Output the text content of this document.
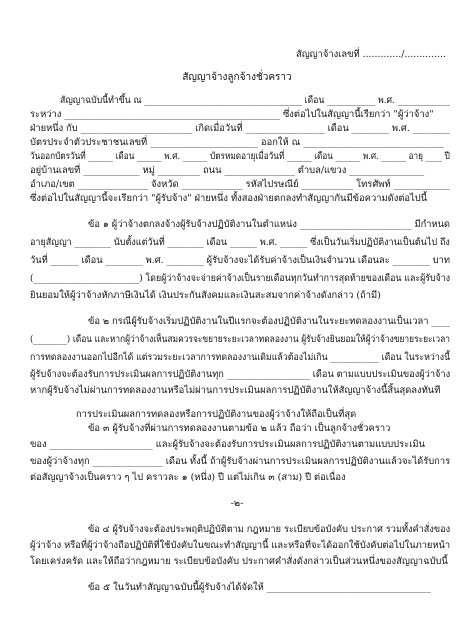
สัญญาจ้างเลขที่ ............./..............
สัญญาจ้างลูกจ้างชั่วคราว
สัญญาฉบับนี้ทำขึ้น ณ ____________________________________ เดือน ___________ พ.ศ. ____________
ระหว่าง ______________________________________________ ซึ่งต่อไปในสัญญานี้เรียกว่า "ผู้ว่าจ้าง"
ฝ่ายหนึ่ง กับ ________________________ เกิดเมื่อวันที่ _________________ เดือน ________ พ.ศ. ________
บัตรประจำตัวประชาชนเลขที่ _______________________ ออกให้ ณ ______________________________
วันออกบัตรวันที่ ______ เดือน ______ พ.ศ. ______ บัตรหมดอายุเมื่อวันที่ ______ เดือน ______ พ.ศ. ______ อายุ ____ ปี
อยู่บ้านเลขที่ ____________ หมู่ _________ ถนน _______________ ตำบล/แขวง ________________
อำเภอ/เขต _______________ จังหวัด _____________ รหัสไปรษณีย์ ___________ โทรศัพท์ ____________
ซึ่งต่อไปในสัญญานี้จะเรียกว่า "ผู้รับจ้าง" ฝ่ายหนึ่ง ทั้งสองฝ่ายตกลงทำสัญญากันมีข้อความดังต่อไปนี้
ข้อ ๑ ผู้ว่าจ้างตกลงจ้างผู้รับจ้างปฏิบัติงานในตำแหน่ง ________________________ มีกำหนด
อายุสัญญา ________ นับตั้งแต่วันที่ ________ เดือน ______ พ.ศ. ______ ซึ่งเป็นวันเริ่มปฏิบัติงานเป็นต้นไป ถึง
วันที่ ______ เดือน ________ พ.ศ. ________ ผู้รับจ้างจะได้รับค่าจ้างเป็นเงินจำนวน เดือนละ ________ บาท
(________________________) โดยผู้ว่าจ้างจะจ่ายค่าจ้างเป็นรายเดือนทุกวันทำการสุดท้ายของเดือน และผู้รับจ้าง
ยินยอมให้ผู้ว่าจ้างหักภาษีเงินได้ เงินประกันสังคมและเงินสะสมจากค่าจ้างดังกล่าว (ถ้ามี)
ข้อ ๒ กรณีผู้รับจ้างเริ่มปฏิบัติงานในปีแรกจะต้องปฏิบัติงานในระยะทดลองงานเป็นเวลา ____
(________) เดือน และหากผู้ว่าจ้างเห็นสมควรจะขยายระยะเวลาทดลองงาน ผู้รับจ้างยินยอมให้ผู้ว่าจ้างขยายระยะเวลา
การทดลองงานออกไปอีกได้ แต่รวมระยะเวลาการทดลองงานเดิมแล้วต้องไม่เกิน ___________ เดือน ในระหว่างนี้
ผู้รับจ้างจะต้องรับการประเมินผลการปฏิบัติงานทุก __________________ เดือน ตามแบบประเมินของผู้ว่าจ้าง
หากผู้รับจ้างไม่ผ่านการทดลองงานหรือไม่ผ่านการประเมินผลการปฏิบัติงานให้สัญญาจ้างนี้สิ้นสุดลงทันที
การประเมินผลการทดลองหรือการปฏิบัติงานของผู้ว่าจ้างให้ถือเป็นที่สุด
ข้อ ๓ ผู้รับจ้างที่ผ่านการทดลองงานตามข้อ ๒ แล้ว ถือว่า เป็นลูกจ้างชั่วคราว
ของ ______________________ และผู้รับจ้างจะต้องรับการประเมินผลการปฏิบัติงานตามแบบประเมิน
ของผู้ว่าจ้างทุก _______________ เดือน ทั้งนี้ ถ้าผู้รับจ้างผ่านการประเมินผลการปฏิบัติงานแล้วจะได้รับการ
ต่อสัญญาจ้างเป็นคราว ๆ ไป คราวละ ๑ (หนึ่ง) ปี แต่ไม่เกิน ๓ (สาม) ปี ต่อเนื่อง
-๒-
ข้อ ๔ ผู้รับจ้างจะต้องประพฤติปฏิบัติตาม กฎหมาย ระเบียบข้อบังคับ ประกาศ รวมทั้งคำสั่งของ
ผู้ว่าจ้าง หรือที่ผู้ว่าจ้างถือปฏิบัติที่ใช้บังคับในขณะทำสัญญานี้ และหรือที่จะได้ออกใช้บังคับต่อไปในภายหน้า
โดยเคร่งครัด และให้ถือว่ากฎหมาย ระเบียบข้อบังคับ ประกาศคำสั่งดังกล่าวเป็นส่วนหนึ่งของสัญญาฉบับนี้
ข้อ ๕ ในวันทำสัญญาฉบับนี้ผู้รับจ้างได้จัดให้ ___________________________________
